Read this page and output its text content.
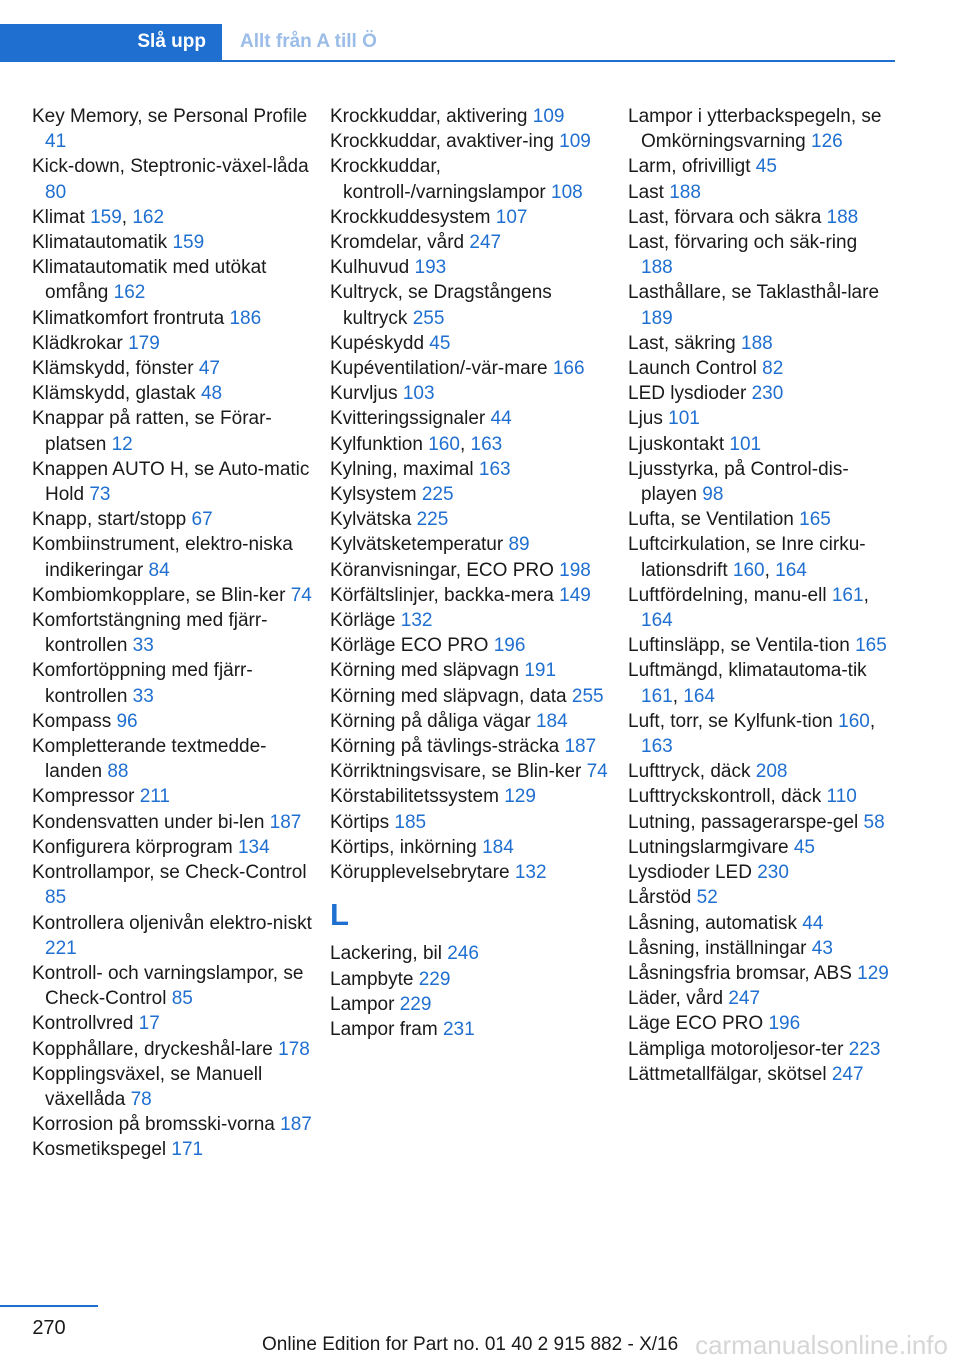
Slå upp	Allt från A till Ö
Key Memory, se Personal Profile 41
Kick-down, Steptronic-växel‐låda 80
Klimat 159, 162
Klimatautomatik 159
Klimatautomatik med utökat omfång 162
Klimatkomfort frontruta 186
Klädkrokar 179
Klämskydd, fönster 47
Klämskydd, glastak 48
Knappar på ratten, se Förar‐platsen 12
Knappen AUTO H, se Auto‐matic Hold 73
Knapp, start/stopp 67
Kombiinstrument, elektro‐niska indikeringar 84
Kombiomkopplare, se Blin‐ker 74
Komfortstängning med fjärr‐kontrollen 33
Komfortöppning med fjärr‐kontrollen 33
Kompass 96
Kompletterande textmedde‐landen 88
Kompressor 211
Kondensvatten under bi‐len 187
Konfigurera körprogram 134
Kontrollampor, se Check-Control 85
Kontrollera oljenivån elektro‐niskt 221
Kontroll- och varningslampor, se Check-Control 85
Kontrollvred 17
Kopphållare, dryckeshål‐lare 178
Kopplingsväxel, se Manuell växellåda 78
Korrosion på bromsski‐vorna 187
Kosmetikspegel 171
Krockkuddar, aktivering 109
Krockkuddar, avaktiver‐ing 109
Krockkuddar, kontroll-/varningslampor 108
Krockkuddesystem 107
Kromdelar, vård 247
Kulhuvud 193
Kultryck, se Dragstångens kultryck 255
Kupéskydd 45
Kupéventilation/-vär‐mare 166
Kurvljus 103
Kvitteringssignaler 44
Kylfunktion 160, 163
Kylning, maximal 163
Kylsystem 225
Kylvätska 225
Kylvätsketemperatur 89
Köranvisningar, ECO PRO 198
Körfältslinjer, backka‐mera 149
Körläge 132
Körläge ECO PRO 196
Körning med släpvagn 191
Körning med släpvagn, data 255
Körning på dåliga vägar 184
Körning på tävlings‐sträcka 187
Körriktningsvisare, se Blin‐ker 74
Körstabilitetssystem 129
Körtips 185
Körtips, inkörning 184
Körupplevelsebrytare 132
L
Lackering, bil 246
Lampbyte 229
Lampor 229
Lampor fram 231
Lampor i ytterbackspegeln, se Omkörningsvarning 126
Larm, ofrivilligt 45
Last 188
Last, förvara och säkra 188
Last, förvaring och säk‐ring 188
Lasthållare, se Taklasthål‐lare 189
Last, säkring 188
Launch Control 82
LED lysdioder 230
Ljus 101
Ljuskontakt 101
Ljusstyrka, på Control-dis‐playen 98
Lufta, se Ventilation 165
Luftcirkulation, se Inre cirku‐lationsdrift 160, 164
Luftfördelning, manu‐ell 161, 164
Luftinsläpp, se Ventila‐tion 165
Luftmängd, klimatautoma‐tik 161, 164
Luft, torr, se Kylfunk‐tion 160, 163
Lufttryck, däck 208
Lufttryckskontroll, däck 110
Lutning, passagerarspe‐gel 58
Lutningslarmgivare 45
Lysdioder LED 230
Lårstöd 52
Låsning, automatisk 44
Låsning, inställningar 43
Låsningsfria bromsar, ABS 129
Läder, vård 247
Läge ECO PRO 196
Lämpliga motoroljesor‐ter 223
Lättmetallfälgar, skötsel 247
270
Online Edition for Part no. 01 40 2 915 882 - X/16 carmanualsonline.info
